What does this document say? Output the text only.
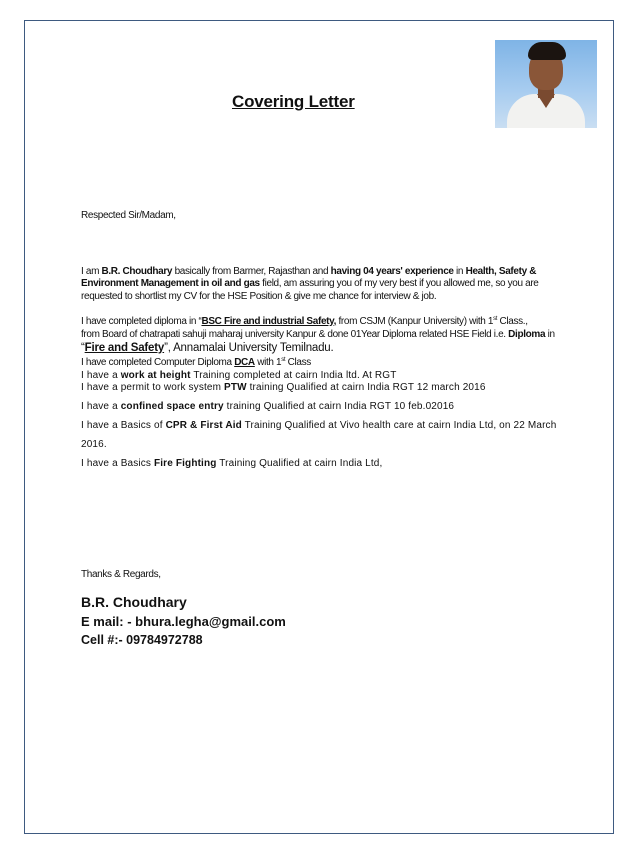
Covering Letter
Respected Sir/Madam,
I am B.R. Choudhary basically from Barmer, Rajasthan and having 04 years' experience in Health, Safety &
Environment Management in oil and gas field, am assuring you of my very best if you allowed me, so you are
requested to shortlist my CV for the HSE Position & give me chance for interview & job.
I have completed diploma in “BSC Fire and industrial Safety, from CSJM (Kanpur University) with 1st Class.,
from Board of chatrapati sahuji maharaj university Kanpur & done 01Year Diploma related HSE Field i.e. Diploma in
“Fire and Safety”, Annamalai University Temilnadu.
I have completed Computer Diploma DCA with 1st Class
I have a work at height Training completed at cairn India ltd. At RGT
I have a permit to work system PTW training Qualified at cairn India RGT 12 march 2016
I have a confined space entry training Qualified at cairn India RGT 10 feb.02016
I have a Basics of CPR & First Aid Training Qualified at Vivo health care at cairn India Ltd, on 22 March
2016.
I have a Basics Fire Fighting Training Qualified at cairn India Ltd,
Thanks & Regards,
B.R. Choudhary
E mail: - bhura.legha@gmail.com
Cell #:- 09784972788
